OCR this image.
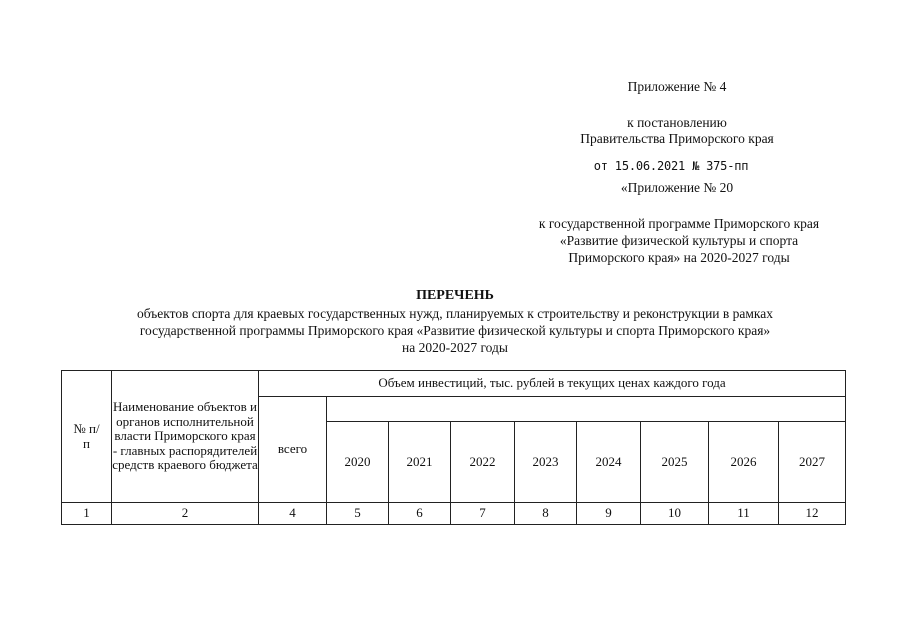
Приложение № 4
к постановлению
Правительства Приморского края
от 15.06.2021 № 375-пп
«Приложение № 20
к государственной программе Приморского края
«Развитие физической культуры и спорта
Приморского края» на 2020-2027 годы
ПЕРЕЧЕНЬ
объектов спорта для краевых государственных нужд, планируемых к строительству и реконструкции в рамках
государственной программы Приморского края «Развитие физической культуры и спорта Приморского края»
на 2020-2027 годы
№ п/п	Наименование объектов и органов исполнительной власти Приморского края - главных распорядителей средств краевого бюджета	Объем инвестиций, тыс. рублей в текущих ценах каждого года								
		всего								
			2020	2021	2022	2023	2024	2025	2026	2027
1	2	4	5	6	7	8	9	10	11	12
